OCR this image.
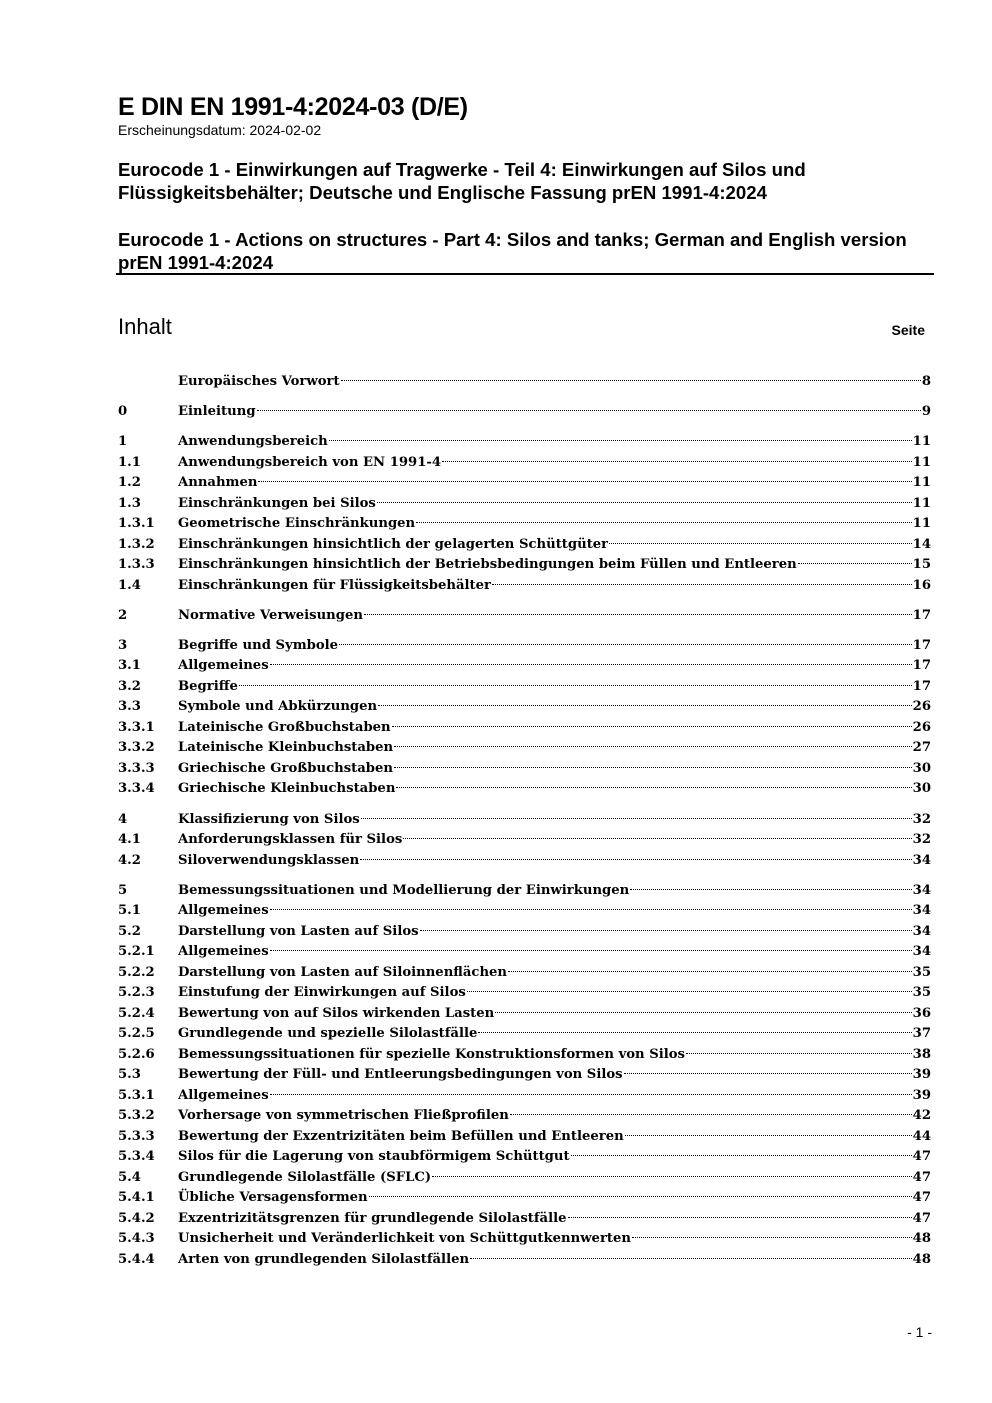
E DIN EN 1991-4:2024-03 (D/E)
Erscheinungsdatum: 2024-02-02
Eurocode 1 - Einwirkungen auf Tragwerke - Teil 4: Einwirkungen auf Silos und Flüssigkeitsbehälter; Deutsche und Englische Fassung prEN 1991-4:2024
Eurocode 1 - Actions on structures - Part 4: Silos and tanks; German and English version prEN 1991-4:2024
Inhalt	Seite
Europäisches Vorwort	8
0	Einleitung	9
1	Anwendungsbereich	11
1.1	Anwendungsbereich von EN 1991-4	11
1.2	Annahmen	11
1.3	Einschränkungen bei Silos	11
1.3.1	Geometrische Einschränkungen	11
1.3.2	Einschränkungen hinsichtlich der gelagerten Schüttgüter	14
1.3.3	Einschränkungen hinsichtlich der Betriebsbedingungen beim Füllen und Entleeren	15
1.4	Einschränkungen für Flüssigkeitsbehälter	16
2	Normative Verweisungen	17
3	Begriffe und Symbole	17
3.1	Allgemeines	17
3.2	Begriffe	17
3.3	Symbole und Abkürzungen	26
3.3.1	Lateinische Großbuchstaben	26
3.3.2	Lateinische Kleinbuchstaben	27
3.3.3	Griechische Großbuchstaben	30
3.3.4	Griechische Kleinbuchstaben	30
4	Klassifizierung von Silos	32
4.1	Anforderungsklassen für Silos	32
4.2	Siloverwendungsklassen	34
5	Bemessungssituationen und Modellierung der Einwirkungen	34
5.1	Allgemeines	34
5.2	Darstellung von Lasten auf Silos	34
5.2.1	Allgemeines	34
5.2.2	Darstellung von Lasten auf Siloinnenflächen	35
5.2.3	Einstufung der Einwirkungen auf Silos	35
5.2.4	Bewertung von auf Silos wirkenden Lasten	36
5.2.5	Grundlegende und spezielle Silolastfälle	37
5.2.6	Bemessungssituationen für spezielle Konstruktionsformen von Silos	38
5.3	Bewertung der Füll- und Entleerungsbedingungen von Silos	39
5.3.1	Allgemeines	39
5.3.2	Vorhersage von symmetrischen Fließprofilen	42
5.3.3	Bewertung der Exzentrizitäten beim Befüllen und Entleeren	44
5.3.4	Silos für die Lagerung von staubförmigem Schüttgut	47
5.4	Grundlegende Silolastfälle (SFLC)	47
5.4.1	Übliche Versagensformen	47
5.4.2	Exzentrizitätsgrenzen für grundlegende Silolastfälle	47
5.4.3	Unsicherheit und Veränderlichkeit von Schüttgutkennwerten	48
5.4.4	Arten von grundlegenden Silolastfällen	48
- 1 -
